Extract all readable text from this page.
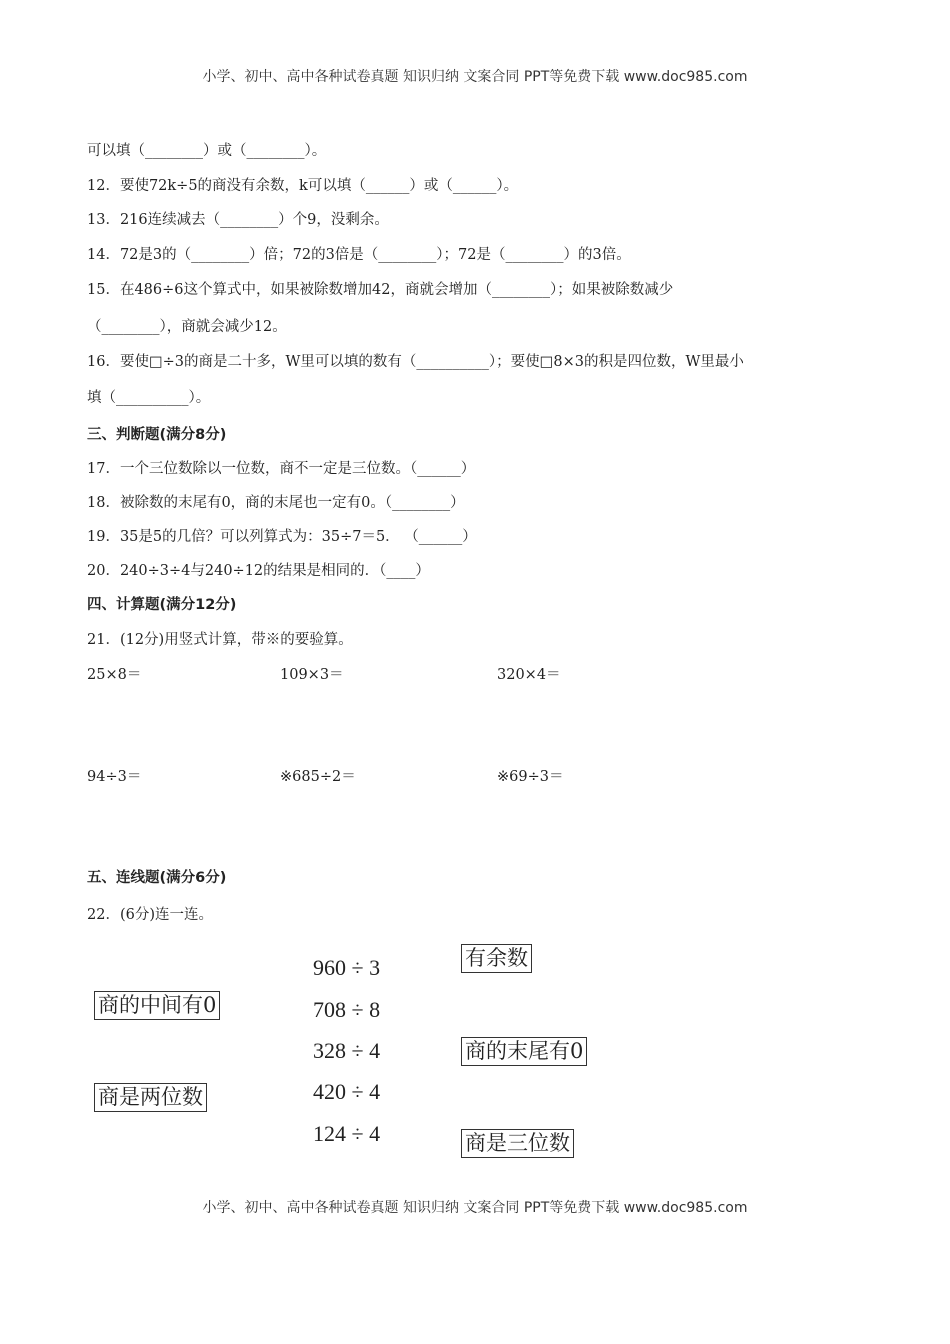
小学、初中、高中各种试卷真题 知识归纳 文案合同 PPT等免费下载 www.doc985.com
可以填（________）或（________）。
12．要使72k÷5的商没有余数，k可以填（______）或（______）。
13．216连续减去（________）个9，没剩余。
14．72是3的（________）倍；72的3倍是（________）；72是（________）的3倍。
15．在486÷6这个算式中，如果被除数增加42，商就会增加（________）；如果被除数减少
（________），商就会减少12。
16．要使□÷3的商是二十多，W里可以填的数有（__________）；要使□8×3的积是四位数，W里最小
填（__________）。
三、判断题(满分8分)
17．一个三位数除以一位数，商不一定是三位数。（______）
18．被除数的末尾有0，商的末尾也一定有0。（________）
19．35是5的几倍？可以列算式为：35÷7＝5． （______）
20．240÷3÷4与240÷12的结果是相同的．（____）
四、计算题(满分12分)
21．(12分)用竖式计算，带※的要验算。
25×8＝	109×3＝	320×4＝
94÷3＝	※685÷2＝	※69÷3＝
五、连线题(满分6分)
22．(6分)连一连。
商的中间有0
商是两位数
960 ÷ 3
708 ÷ 8
328 ÷ 4
420 ÷ 4
124 ÷ 4
有余数
商的末尾有0
商是三位数
小学、初中、高中各种试卷真题 知识归纳 文案合同 PPT等免费下载 www.doc985.com
